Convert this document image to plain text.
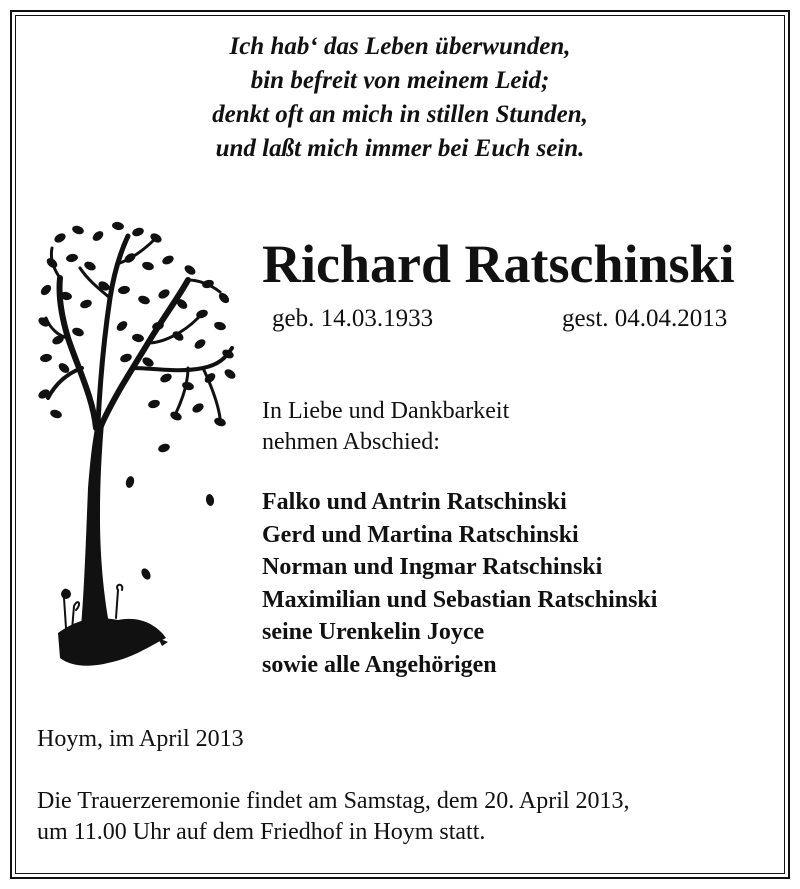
Ich hab‘ das Leben überwunden,
bin befreit von meinem Leid;
denkt oft an mich in stillen Stunden,
und laßt mich immer bei Euch sein.
Richard Ratschinski
geb. 14.03.1933	gest. 04.04.2013
In Liebe und Dankbarkeit
nehmen Abschied:
Falko und Antrin Ratschinski
Gerd und Martina Ratschinski
Norman und Ingmar Ratschinski
Maximilian und Sebastian Ratschinski
seine Urenkelin Joyce
sowie alle Angehörigen
Hoym, im April 2013
Die Trauerzeremonie findet am Samstag, dem 20. April 2013,
um 11.00 Uhr auf dem Friedhof in Hoym statt.
